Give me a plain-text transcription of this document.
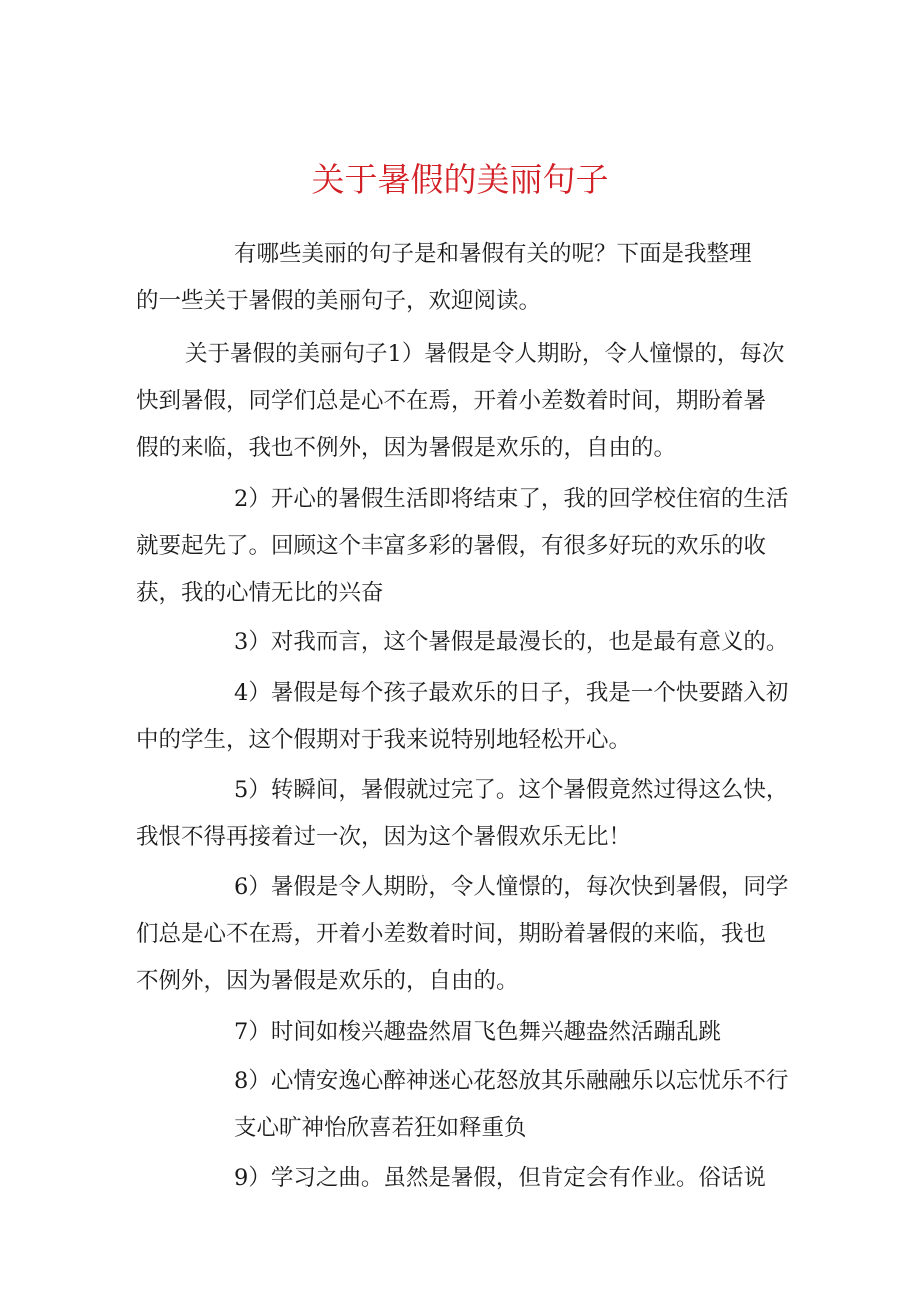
关于暑假的美丽句子
有哪些美丽的句子是和暑假有关的呢？下面是我整理
的一些关于暑假的美丽句子，欢迎阅读。
关于暑假的美丽句子1）暑假是令人期盼，令人憧憬的，每次
快到暑假，同学们总是心不在焉，开着小差数着时间，期盼着暑
假的来临，我也不例外，因为暑假是欢乐的，自由的。
2）开心的暑假生活即将结束了，我的回学校住宿的生活
就要起先了。回顾这个丰富多彩的暑假，有很多好玩的欢乐的收
获，我的心情无比的兴奋
3）对我而言，这个暑假是最漫长的，也是最有意义的。
4）暑假是每个孩子最欢乐的日子，我是一个快要踏入初
中的学生，这个假期对于我来说特别地轻松开心。
5）转瞬间，暑假就过完了。这个暑假竟然过得这么快，
我恨不得再接着过一次，因为这个暑假欢乐无比！
6）暑假是令人期盼，令人憧憬的，每次快到暑假，同学
们总是心不在焉，开着小差数着时间，期盼着暑假的来临，我也
不例外，因为暑假是欢乐的，自由的。
7）时间如梭兴趣盎然眉飞色舞兴趣盎然活蹦乱跳
8）心情安逸心醉神迷心花怒放其乐融融乐以忘忧乐不行
支心旷神怡欣喜若狂如释重负
9）学习之曲。虽然是暑假，但肯定会有作业。俗话说
